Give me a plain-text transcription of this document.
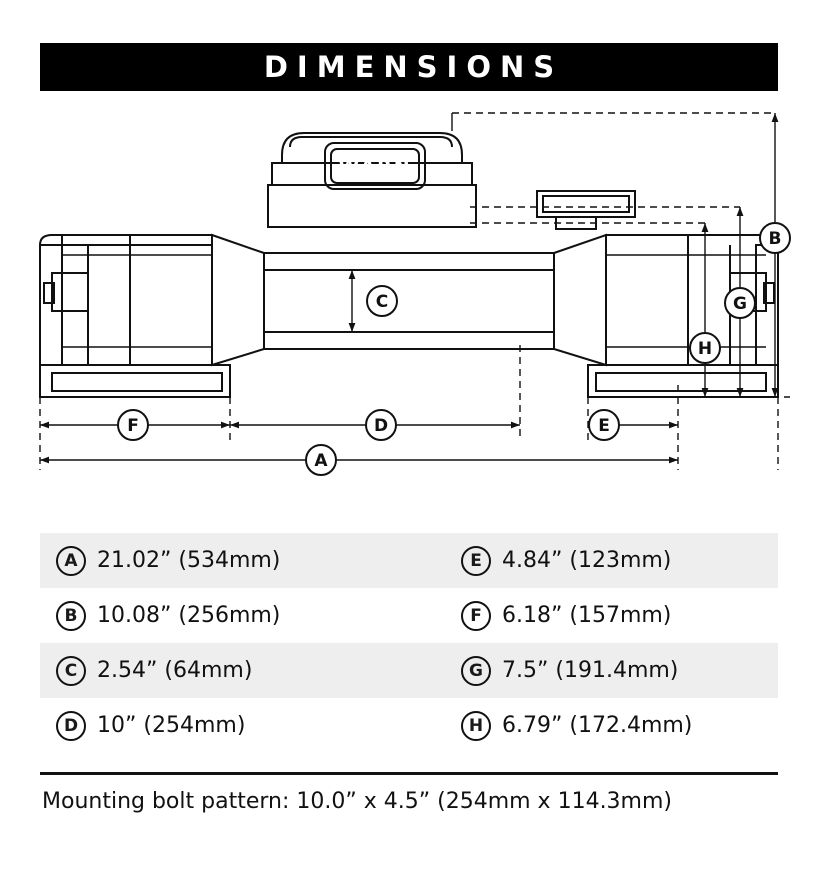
DIMENSIONS
WARN
B
G
H
C
F	D	E
A
A 21.02” (534mm)	E 4.84” (123mm)
B 10.08” (256mm)	F 6.18” (157mm)
C 2.54” (64mm)	G 7.5” (191.4mm)
D 10” (254mm)	H 6.79” (172.4mm)
Mounting bolt pattern: 10.0” x 4.5” (254mm x 114.3mm)
